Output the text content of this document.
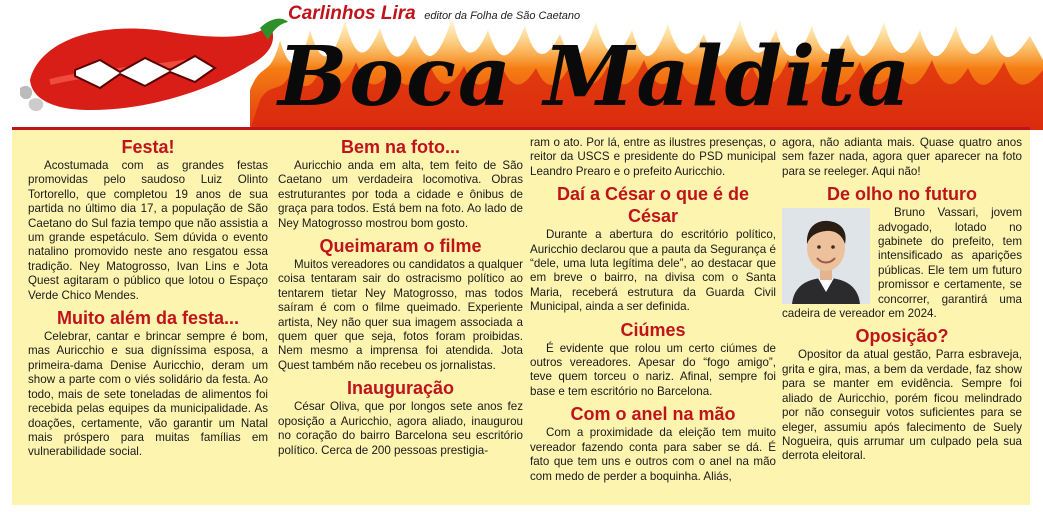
Carlinhos Lira editor da Folha de São Caetano
Boca Maldita
Festa!

Acostumada com as grandes festas promovidas pelo saudoso Luiz Olinto Tortorello, que completou 19 anos de sua partida no último dia 17, a população de São Caetano do Sul fazia tempo que não assistia a um grande espetáculo. Sem dúvida o evento natalino promovido neste ano resgatou essa tradição. Ney Matogrosso, Ivan Lins e Jota Quest agitaram o público que lotou o Espaço Verde Chico Mendes.

Muito além da festa...

Celebrar, cantar e brincar sempre é bom, mas Auricchio e sua digníssima esposa, a primeira-dama Denise Auricchio, deram um show a parte com o viés solidário da festa. Ao todo, mais de sete toneladas de alimentos foi recebida pelas equipes da municipalidade. As doações, certamente, vão garantir um Natal mais próspero para muitas famílias em vulnerabilidade social.

Bem na foto...

Auricchio anda em alta, tem feito de São Caetano um verdadeira locomotiva. Obras estruturantes por toda a cidade e ônibus de graça para todos. Está bem na foto. Ao lado de Ney Matogrosso mostrou bom gosto.

Queimaram o filme

Muitos vereadores ou candidatos a qualquer coisa tentaram sair do ostracismo político ao tentarem tietar Ney Matogrosso, mas todos saíram é com o filme queimado. Experiente artista, Ney não quer sua imagem associada a quem quer que seja, fotos foram proibidas. Nem mesmo a imprensa foi atendida. Jota Quest também não recebeu os jornalistas.

Inauguração

César Oliva, que por longos sete anos fez oposição a Auricchio, agora aliado, inaugurou no coração do bairro Barcelona seu escritório político. Cerca de 200 pessoas prestigia-

ram o ato. Por lá, entre as ilustres presenças, o reitor da USCS e presidente do PSD municipal Leandro Prearo e o prefeito Auricchio.

Daí a César o que é de César

Durante a abertura do escritório político, Auricchio declarou que a pauta da Segurança é “dele, uma luta legítima dele”, ao destacar que em breve o bairro, na divisa com o Santa Maria, receberá estrutura da Guarda Civil Municipal, ainda a ser definida.

Ciúmes

É evidente que rolou um certo ciúmes de outros vereadores. Apesar do “fogo amigo”, teve quem torceu o nariz. Afinal, sempre foi base e tem escritório no Barcelona.

Com o anel na mão

Com a proximidade da eleição tem muito vereador fazendo conta para saber se dá. É fato que tem uns e outros com o anel na mão com medo de perder a boquinha. Aliás,

agora, não adianta mais. Quase quatro anos sem fazer nada, agora quer aparecer na foto para se reeleger. Aqui não!

De olho no futuro

Bruno Vassari, jovem advogado, lotado no gabinete do prefeito, tem intensificado as aparições públicas. Ele tem um futuro promissor e certamente, se concorrer, garantirá uma cadeira de vereador em 2024.

Oposição?

Opositor da atual gestão, Parra esbraveja, grita e gira, mas, a bem da verdade, faz show para se manter em evidência. Sempre foi aliado de Auricchio, porém ficou melindrado por não conseguir votos suficientes para se eleger, assumiu após falecimento de Suely Nogueira, quis arrumar um culpado pela sua derrota eleitoral.
